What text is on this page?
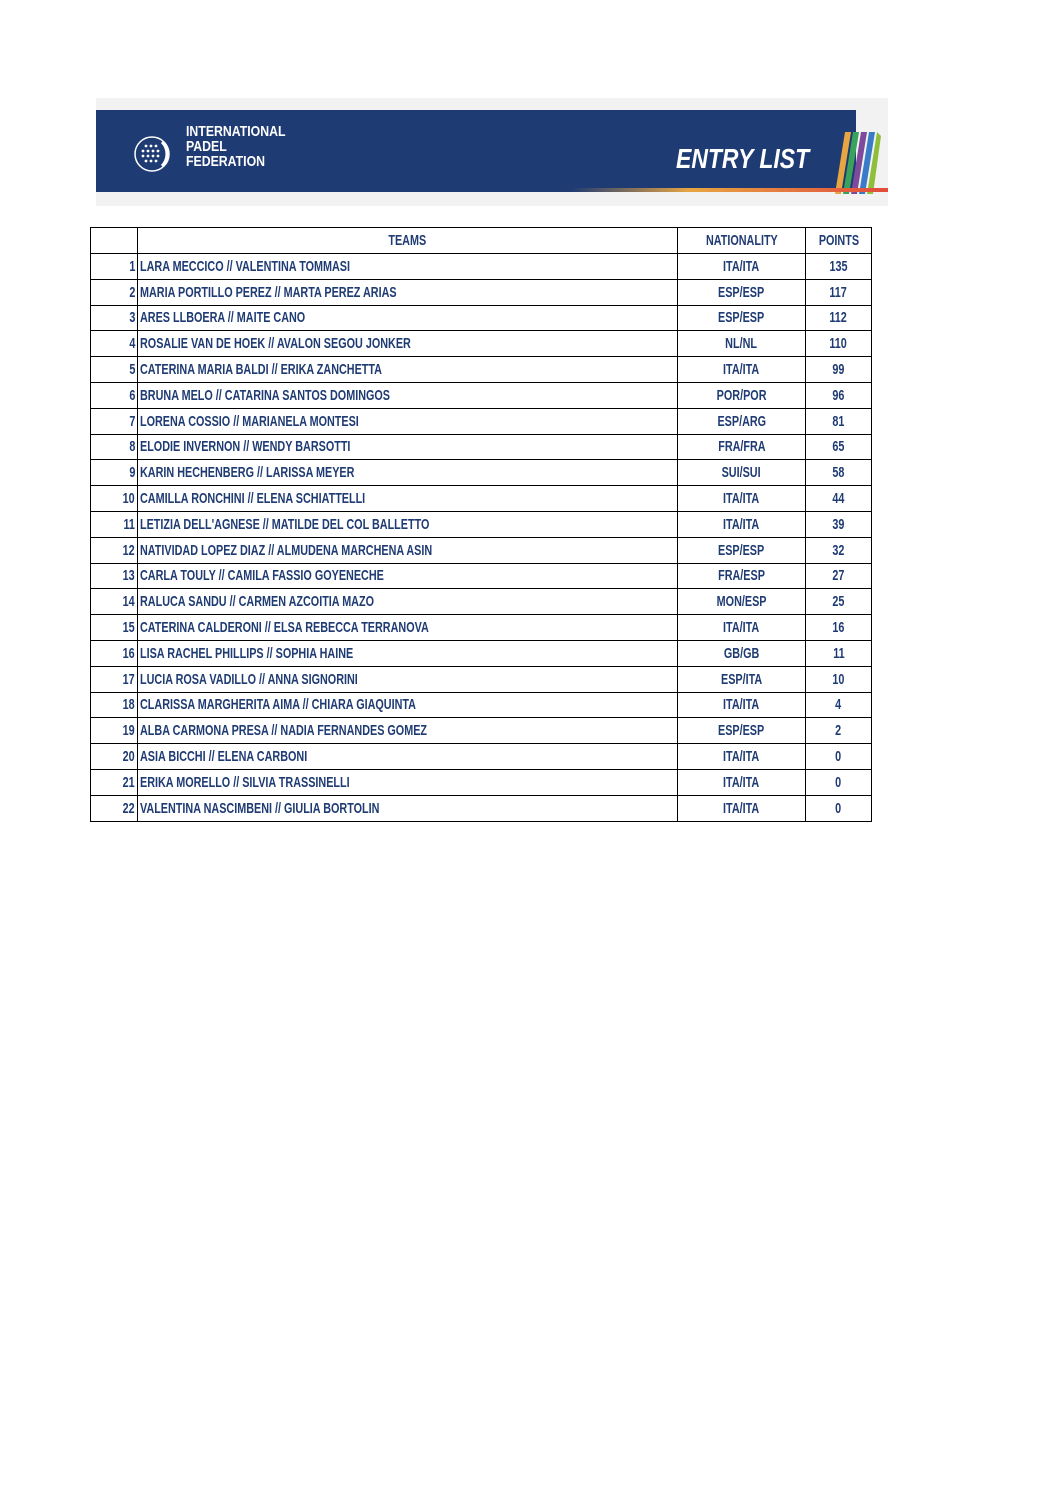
INTERNATIONAL
PADEL
FEDERATION	ENTRY LIST
	TEAMS	NATIONALITY	POINTS
1	LARA MECCICO // VALENTINA TOMMASI	ITA/ITA	135
2	MARIA PORTILLO PEREZ // MARTA PEREZ ARIAS	ESP/ESP	117
3	ARES LLBOERA // MAITE CANO	ESP/ESP	112
4	ROSALIE VAN DE HOEK // AVALON SEGOU JONKER	NL/NL	110
5	CATERINA MARIA BALDI // ERIKA ZANCHETTA	ITA/ITA	99
6	BRUNA MELO // CATARINA SANTOS DOMINGOS	POR/POR	96
7	LORENA COSSIO // MARIANELA MONTESI	ESP/ARG	81
8	ELODIE INVERNON // WENDY BARSOTTI	FRA/FRA	65
9	KARIN HECHENBERG // LARISSA MEYER	SUI/SUI	58
10	CAMILLA RONCHINI // ELENA SCHIATTELLI	ITA/ITA	44
11	LETIZIA DELL'AGNESE // MATILDE DEL COL BALLETTO	ITA/ITA	39
12	NATIVIDAD LOPEZ DIAZ // ALMUDENA MARCHENA ASIN	ESP/ESP	32
13	CARLA TOULY // CAMILA FASSIO GOYENECHE	FRA/ESP	27
14	RALUCA SANDU // CARMEN AZCOITIA MAZO	MON/ESP	25
15	CATERINA CALDERONI // ELSA REBECCA TERRANOVA	ITA/ITA	16
16	LISA RACHEL PHILLIPS // SOPHIA HAINE	GB/GB	11
17	LUCIA ROSA VADILLO // ANNA SIGNORINI	ESP/ITA	10
18	CLARISSA MARGHERITA AIMA // CHIARA GIAQUINTA	ITA/ITA	4
19	ALBA CARMONA PRESA // NADIA FERNANDES GOMEZ	ESP/ESP	2
20	ASIA BICCHI // ELENA CARBONI	ITA/ITA	0
21	ERIKA MORELLO // SILVIA TRASSINELLI	ITA/ITA	0
22	VALENTINA NASCIMBENI // GIULIA BORTOLIN	ITA/ITA	0
